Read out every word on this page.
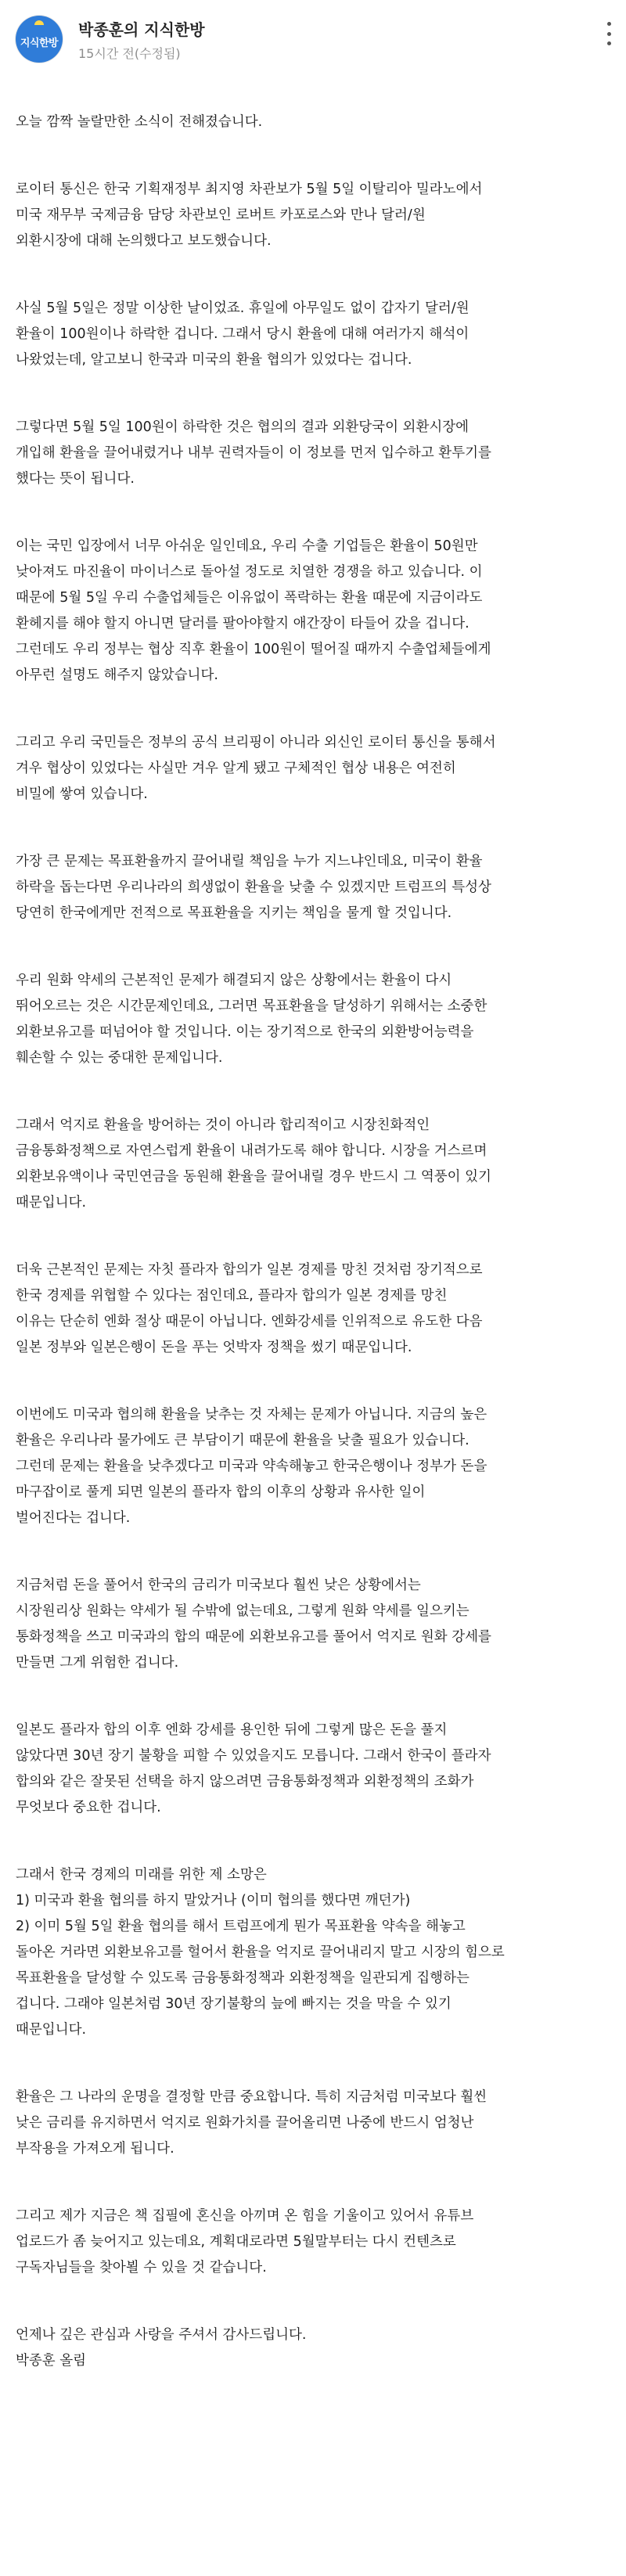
지식한방
박종훈의 지식한방
15시간 전(수정됨)

오늘 깜짝 놀랄만한 소식이 전해졌습니다.

로이터 통신은 한국 기획재정부 최지영 차관보가 5월 5일 이탈리아 밀라노에서
미국 재무부 국제금융 담당 차관보인 로버트 카포로스와 만나 달러/원
외환시장에 대해 논의했다고 보도했습니다.

사실 5월 5일은 정말 이상한 날이었죠. 휴일에 아무일도 없이 갑자기 달러/원
환율이 100원이나 하락한 겁니다. 그래서 당시 환율에 대해 여러가지 해석이
나왔었는데, 알고보니 한국과 미국의 환율 협의가 있었다는 겁니다.

그렇다면 5월 5일 100원이 하락한 것은 협의의 결과 외환당국이 외환시장에
개입해 환율을 끌어내렸거나 내부 권력자들이 이 정보를 먼저 입수하고 환투기를
했다는 뜻이 됩니다.

이는 국민 입장에서 너무 아쉬운 일인데요, 우리 수출 기업들은 환율이 50원만
낮아져도 마진율이 마이너스로 돌아설 정도로 치열한 경쟁을 하고 있습니다. 이
때문에 5월 5일 우리 수출업체들은 이유없이 폭락하는 환율 때문에 지금이라도
환헤지를 해야 할지 아니면 달러를 팔아야할지 애간장이 타들어 갔을 겁니다.
그런데도 우리 정부는 협상 직후 환율이 100원이 떨어질 때까지 수출업체들에게
아무런 설명도 해주지 않았습니다.

그리고 우리 국민들은 정부의 공식 브리핑이 아니라 외신인 로이터 통신을 통해서
겨우 협상이 있었다는 사실만 겨우 알게 됐고 구체적인 협상 내용은 여전히
비밀에 쌓여 있습니다.

가장 큰 문제는 목표환율까지 끌어내릴 책임을 누가 지느냐인데요, 미국이 환율
하락을 돕는다면 우리나라의 희생없이 환율을 낮출 수 있겠지만 트럼프의 특성상
당연히 한국에게만 전적으로 목표환율을 지키는 책임을 물게 할 것입니다.

우리 원화 약세의 근본적인 문제가 해결되지 않은 상황에서는 환율이 다시
뛰어오르는 것은 시간문제인데요, 그러면 목표환율을 달성하기 위해서는 소중한
외환보유고를 떠넘어야 할 것입니다. 이는 장기적으로 한국의 외환방어능력을
훼손할 수 있는 중대한 문제입니다.

그래서 억지로 환율을 방어하는 것이 아니라 합리적이고 시장친화적인
금융통화정책으로 자연스럽게 환율이 내려가도록 해야 합니다. 시장을 거스르며
외환보유액이나 국민연금을 동원해 환율을 끌어내릴 경우 반드시 그 역풍이 있기
때문입니다.

더욱 근본적인 문제는 자칫 플라자 합의가 일본 경제를 망친 것처럼 장기적으로
한국 경제를 위협할 수 있다는 점인데요, 플라자 합의가 일본 경제를 망친
이유는 단순히 엔화 절상 때문이 아닙니다. 엔화강세를 인위적으로 유도한 다음
일본 정부와 일본은행이 돈을 푸는 엇박자 정책을 썼기 때문입니다.

이번에도 미국과 협의해 환율을 낮추는 것 자체는 문제가 아닙니다. 지금의 높은
환율은 우리나라 물가에도 큰 부담이기 때문에 환율을 낮출 필요가 있습니다.
그런데 문제는 환율을 낮추겠다고 미국과 약속해놓고 한국은행이나 정부가 돈을
마구잡이로 풀게 되면 일본의 플라자 합의 이후의 상황과 유사한 일이
벌어진다는 겁니다.

지금처럼 돈을 풀어서 한국의 금리가 미국보다 훨씬 낮은 상황에서는
시장원리상 원화는 약세가 될 수밖에 없는데요, 그렇게 원화 약세를 일으키는
통화정책을 쓰고 미국과의 합의 때문에 외환보유고를 풀어서 억지로 원화 강세를
만들면 그게 위험한 겁니다.

일본도 플라자 합의 이후 엔화 강세를 용인한 뒤에 그렇게 많은 돈을 풀지
않았다면 30년 장기 불황을 피할 수 있었을지도 모릅니다. 그래서 한국이 플라자
합의와 같은 잘못된 선택을 하지 않으려면 금융통화정책과 외환정책의 조화가
무엇보다 중요한 겁니다.

그래서 한국 경제의 미래를 위한 제 소망은
1) 미국과 환율 협의를 하지 말았거나 (이미 협의를 했다면 깨던가)
2) 이미 5월 5일 환율 협의를 해서 트럼프에게 뭔가 목표환율 약속을 해놓고
돌아온 거라면 외환보유고를 헐어서 환율을 억지로 끌어내리지 말고 시장의 힘으로
목표환율을 달성할 수 있도록 금융통화정책과 외환정책을 일관되게 집행하는
겁니다. 그래야 일본처럼 30년 장기불황의 늪에 빠지는 것을 막을 수 있기
때문입니다.

환율은 그 나라의 운명을 결정할 만큼 중요합니다. 특히 지금처럼 미국보다 훨씬
낮은 금리를 유지하면서 억지로 원화가치를 끌어올리면 나중에 반드시 엄청난
부작용을 가져오게 됩니다.

그리고 제가 지금은 책 집필에 혼신을 아끼며 온 힘을 기울이고 있어서 유튜브
업로드가 좀 늦어지고 있는데요, 계획대로라면 5월말부터는 다시 컨텐츠로
구독자님들을 찾아뵐 수 있을 것 같습니다.

언제나 깊은 관심과 사랑을 주셔서 감사드립니다.
박종훈 올림
